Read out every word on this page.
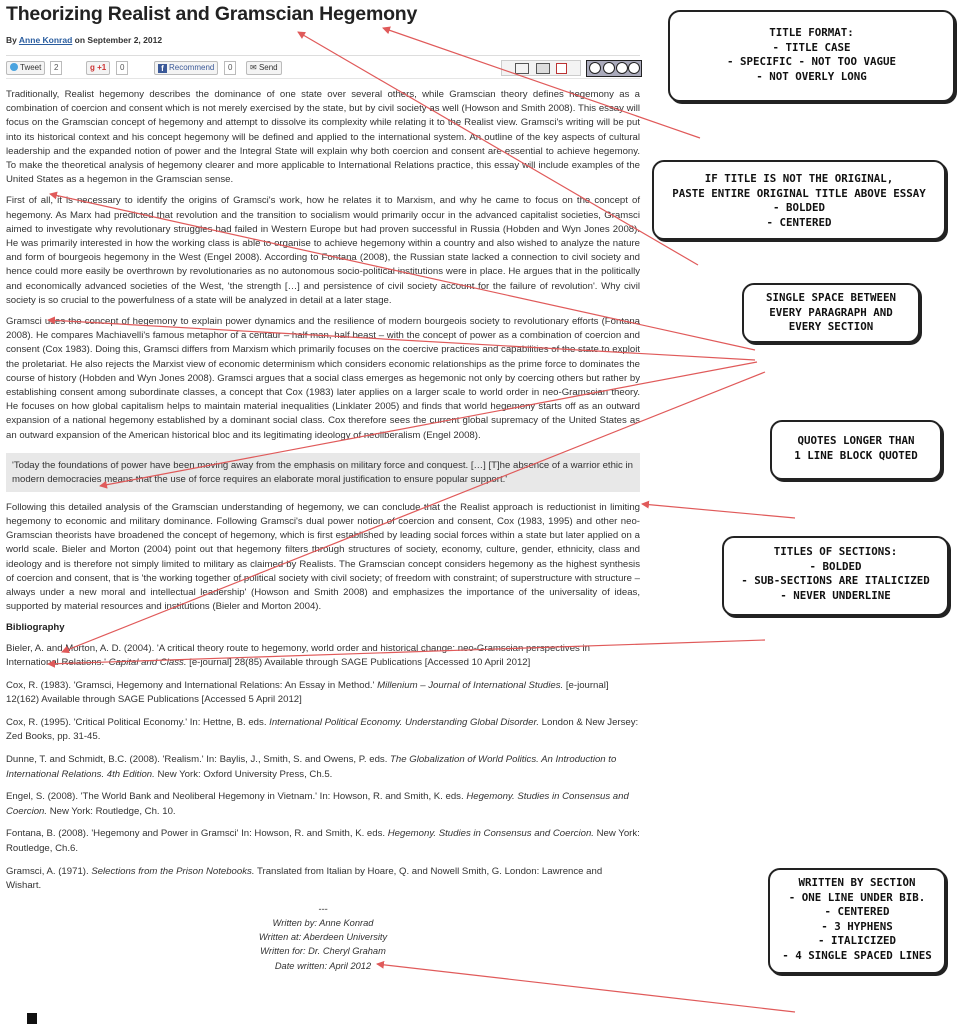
Theorizing Realist and Gramscian Hegemony
By Anne Konrad on September 2, 2012
Tweet	2	g +1	0	f Recommend	0	✉ Send

Traditionally, Realist hegemony describes the dominance of one state over several others, while Gramscian theory defines hegemony as a combination of coercion and consent which is not merely exercised by the state, but by civil society as well (Howson and Smith 2008). This essay will focus on the Gramscian concept of hegemony and attempt to dissolve its complexity while relating it to the Realist view. Gramsci's writing will be put into its historical context and his concept hegemony will be defined and applied to the international system. An outline of the key aspects of cultural leadership and the expanded notion of power and the Integral State will explain why both coercion and consent are essential to achieve hegemony. To make the theoretical analysis of hegemony clearer and more applicable to International Relations practice, this essay will include examples of the United States as a hegemon in the Gramscian sense.

First of all, it is necessary to identify the origins of Gramsci's work, how he relates it to Marxism, and why he came to focus on the concept of hegemony. As Marx had predicted that revolution and the transition to socialism would primarily occur in the advanced capitalist societies, Gramsci aimed to investigate why revolutionary struggles had failed in Western Europe but had proven successful in Russia (Hobden and Wyn Jones 2008). He was primarily interested in how the working class is able to organise to achieve hegemony within a country and also wished to analyze the nature and form of bourgeois hegemony in the West (Engel 2008). According to Fontana (2008), the Russian state lacked a connection to civil society and hence could more easily be overthrown by revolutionaries as no autonomous socio-political institutions were in place. He argues that in the politically and economically advanced societies of the West, 'the strength […] and persistence of civil society account for the failure of revolution'. Why civil society is so crucial to the powerfulness of a state will be analyzed in detail at a later stage.

Gramsci uses the concept of hegemony to explain power dynamics and the resilience of modern bourgeois society to revolutionary efforts (Fontana 2008). He compares Machiavelli's famous metaphor of a centaur – half man, half beast – with the concept of power as a combination of coercion and consent (Cox 1983). Doing this, Gramsci differs from Marxism which primarily focuses on the coercive practices and capabilities of the state to exploit the proletariat. He also rejects the Marxist view of economic determinism which considers economic relationships as the prime force to dominates the course of history (Hobden and Wyn Jones 2008). Gramsci argues that a social class emerges as hegemonic not only by coercing others but rather by establishing consent among subordinate classes, a concept that Cox (1983) later applies on a larger scale to world order in neo-Gramscian theory. He focuses on how global capitalism helps to maintain material inequalities (Linklater 2005) and finds that world hegemony starts off as an outward expansion of a national hegemony established by a dominant social class. Cox therefore sees the current global supremacy of the United States as an outward expansion of the American historical bloc and its legitimating ideology of neoliberalism (Engel 2008).

'Today the foundations of power have been moving away from the emphasis on military force and conquest. […] [T]he absence of a warrior ethic in modern democracies means that the use of force requires an elaborate moral justification to ensure popular support.'

Following this detailed analysis of the Gramscian understanding of hegemony, we can conclude that the Realist approach is reductionist in limiting hegemony to economic and military dominance. Following Gramsci's dual power notion of coercion and consent, Cox (1983, 1995) and other neo-Gramscian theorists have broadened the concept of hegemony, which is first established by leading social forces within a state but later applied on a world scale. Bieler and Morton (2004) point out that hegemony filters through structures of society, economy, culture, gender, ethnicity, class and ideology and is therefore not simply limited to military as claimed by Realists. The Gramscian concept considers hegemony as the highest synthesis of coercion and consent, that is 'the working together of political society with civil society; of freedom with constraint; of superstructure with structure – always under a new moral and intellectual leadership' (Howson and Smith 2008) and emphasizes the importance of the universality of ideas, supported by material resources and institutions (Bieler and Morton 2004).

Bibliography

Bieler, A. and Morton, A. D. (2004). 'A critical theory route to hegemony, world order and historical change: neo-Gramscian perspectives in International Relations.' Capital and Class. [e-journal] 28(85) Available through SAGE Publications [Accessed 10 April 2012]

Cox, R. (1983). 'Gramsci, Hegemony and International Relations: An Essay in Method.' Millenium – Journal of International Studies. [e-journal] 12(162) Available through SAGE Publications [Accessed 5 April 2012]

Cox, R. (1995). 'Critical Political Economy.' In: Hettne, B. eds. International Political Economy. Understanding Global Disorder. London & New Jersey: Zed Books, pp. 31-45.

Dunne, T. and Schmidt, B.C. (2008). 'Realism.' In: Baylis, J., Smith, S. and Owens, P. eds. The Globalization of World Politics. An Introduction to International Relations. 4th Edition. New York: Oxford University Press, Ch.5.

Engel, S. (2008). 'The World Bank and Neoliberal Hegemony in Vietnam.' In: Howson, R. and Smith, K. eds. Hegemony. Studies in Consensus and Coercion. New York: Routledge, Ch. 10.

Fontana, B. (2008). 'Hegemony and Power in Gramsci' In: Howson, R. and Smith, K. eds. Hegemony. Studies in Consensus and Coercion. New York: Routledge, Ch.6.

Gramsci, A. (1971). Selections from the Prison Notebooks. Translated from Italian by Hoare, Q. and Nowell Smith, G. London: Lawrence and Wishart.

---
Written by: Anne Konrad
Written at: Aberdeen University
Written for: Dr. Cheryl Graham
Date written: April 2012
TITLE FORMAT:
- TITLE CASE
- SPECIFIC - NOT TOO VAGUE
- NOT OVERLY LONG
IF TITLE IS NOT THE ORIGINAL,
PASTE ENTIRE ORIGINAL TITLE ABOVE ESSAY
- BOLDED
- CENTERED
SINGLE SPACE BETWEEN
EVERY PARAGRAPH AND
EVERY SECTION
QUOTES LONGER THAN
1 LINE BLOCK QUOTED
TITLES OF SECTIONS:
- BOLDED
- SUB-SECTIONS ARE ITALICIZED
- NEVER UNDERLINE
WRITTEN BY SECTION
- ONE LINE UNDER BIB.
- CENTERED
- 3 HYPHENS
- ITALICIZED
- 4 SINGLE SPACED LINES
